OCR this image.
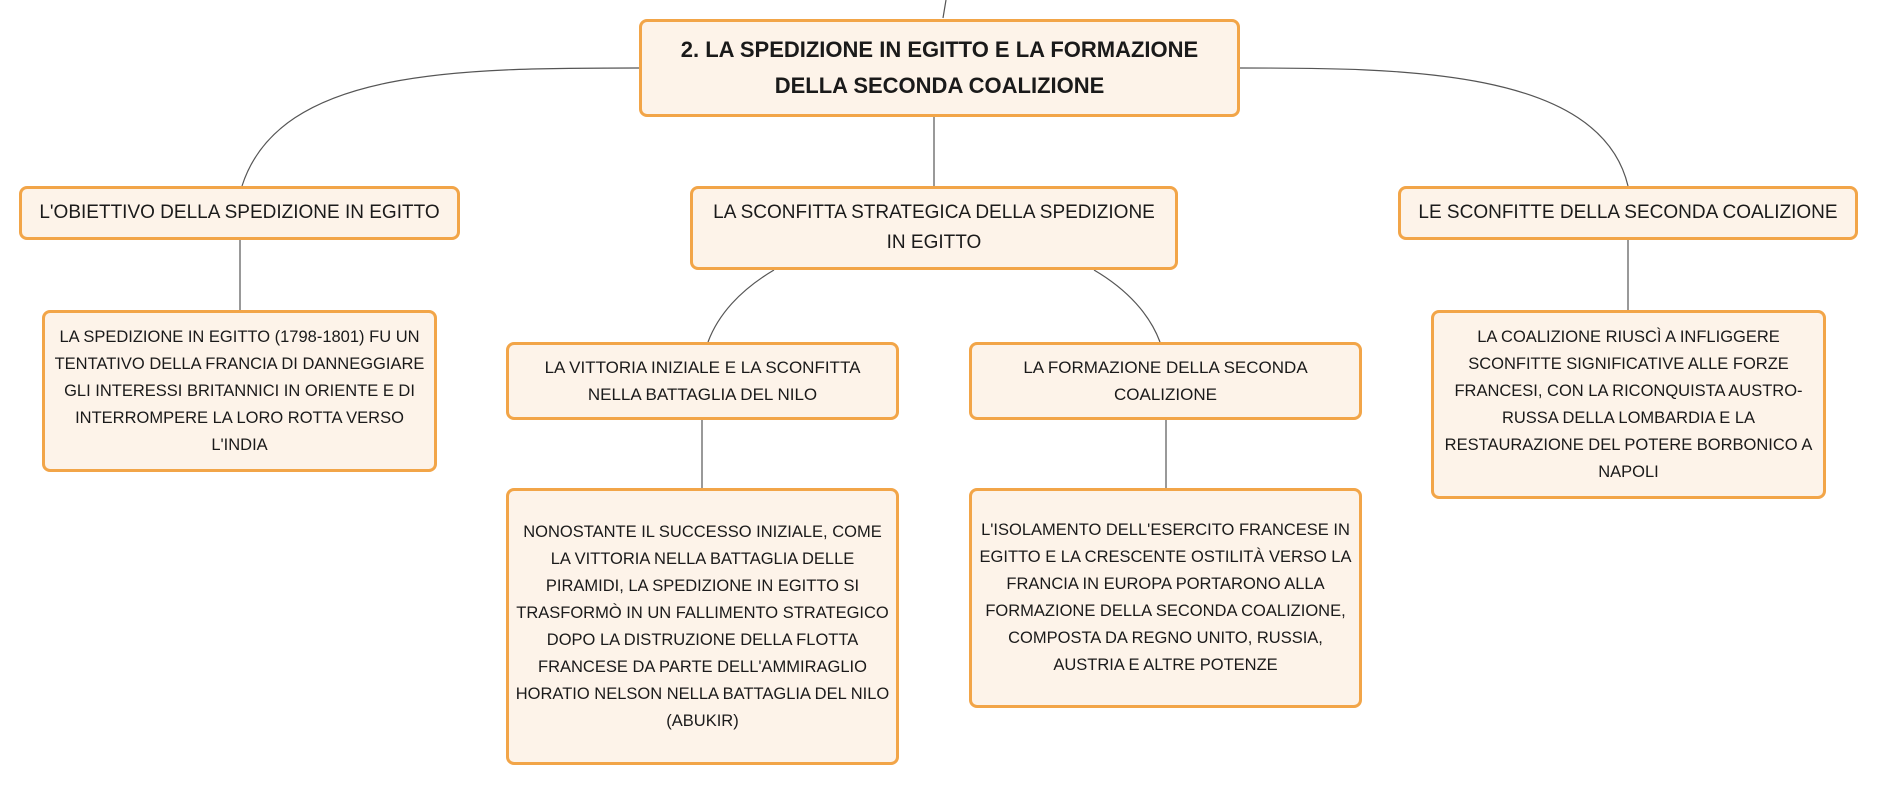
2. LA SPEDIZIONE IN EGITTO E LA FORMAZIONE DELLA SECONDA COALIZIONE
L'OBIETTIVO DELLA SPEDIZIONE IN EGITTO	LA SCONFITTA STRATEGICA DELLA SPEDIZIONE IN EGITTO
LE SCONFITTE DELLA SECONDA COALIZIONE
LA SPEDIZIONE IN EGITTO (1798-1801) FU UN TENTATIVO DELLA FRANCIA DI DANNEGGIARE GLI INTERESSI BRITANNICI IN ORIENTE E DI INTERROMPERE LA LORO ROTTA VERSO L'INDIA
LA VITTORIA INIZIALE E LA SCONFITTA NELLA BATTAGLIA DEL NILO
LA FORMAZIONE DELLA SECONDA COALIZIONE
LA COALIZIONE RIUSCÌ A INFLIGGERE SCONFITTE SIGNIFICATIVE ALLE FORZE FRANCESI, CON LA RICONQUISTA AUSTRO-RUSSA DELLA LOMBARDIA E LA RESTAURAZIONE DEL POTERE BORBONICO A NAPOLI
NONOSTANTE IL SUCCESSO INIZIALE, COME LA VITTORIA NELLA BATTAGLIA DELLE PIRAMIDI, LA SPEDIZIONE IN EGITTO SI TRASFORMÒ IN UN FALLIMENTO STRATEGICO DOPO LA DISTRUZIONE DELLA FLOTTA FRANCESE DA PARTE DELL'AMMIRAGLIO HORATIO NELSON NELLA BATTAGLIA DEL NILO (ABUKIR)
L'ISOLAMENTO DELL'ESERCITO FRANCESE IN EGITTO E LA CRESCENTE OSTILITÀ VERSO LA FRANCIA IN EUROPA PORTARONO ALLA FORMAZIONE DELLA SECONDA COALIZIONE, COMPOSTA DA REGNO UNITO, RUSSIA, AUSTRIA E ALTRE POTENZE
